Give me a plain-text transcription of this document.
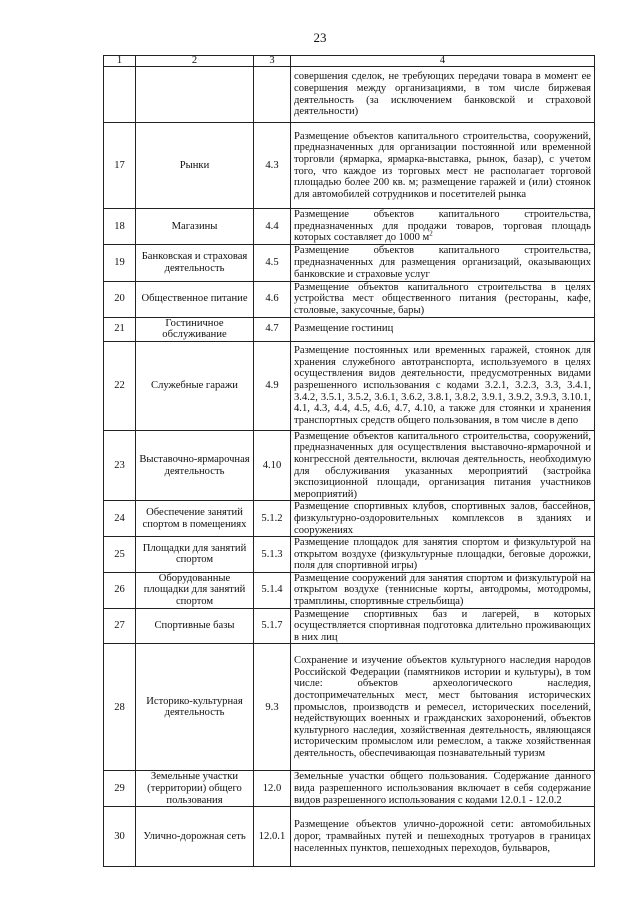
23
1	2	3	4
			совершения сделок, не требующих передачи товара в момент ее совершения между организациями, в том числе биржевая деятельность (за исключением банковской и страховой деятельности)
17	Рынки	4.3	Размещение объектов капитального строительства, сооружений, предназначенных для организации постоянной или временной торговли (ярмарка, ярмарка-выставка, рынок, базар), с учетом того, что каждое из торговых мест не располагает торговой площадью более 200 кв. м; размещение гаражей и (или) стоянок для автомобилей сотрудников и посетителей рынка
18	Магазины	4.4	Размещение объектов капитального строительства, предназначенных для продажи товаров, торговая площадь которых составляет до 1000 $м^2$
19	Банковская и страховая деятельность	4.5	Размещение объектов капитального строительства, предназначенных для размещения организаций, оказывающих банковские и страховые услуг
20	Общественное питание	4.6	Размещение объектов капитального строительства в целях устройства мест общественного питания (рестораны, кафе, столовые, закусочные, бары)
21	Гостиничное обслуживание	4.7	Размещение гостиниц
22	Служебные гаражи	4.9	Размещение постоянных или временных гаражей, стоянок для хранения служебного автотранспорта, используемого в целях осуществления видов деятельности, предусмотренных видами разрешенного использования с кодами 3.2.1, 3.2.3, 3.3, 3.4.1, 3.4.2, 3.5.1, 3.5.2, 3.6.1, 3.6.2, 3.8.1, 3.8.2, 3.9.1, 3.9.2, 3.9.3, 3.10.1, 4.1, 4.3, 4.4, 4.5, 4.6, 4.7, 4.10, а также для стоянки и хранения транспортных средств общего пользования, в том числе в депо
23	Выставочно-ярмарочная деятельность	4.10	Размещение объектов капитального строительства, сооружений, предназначенных для осуществления выставочно-ярмарочной и конгрессной деятельности, включая деятельность, необходимую для обслуживания указанных мероприятий (застройка экспозиционной площади, организация питания участников мероприятий)
24	Обеспечение занятий спортом в помещениях	5.1.2	Размещение спортивных клубов, спортивных залов, бассейнов, физкультурно-оздоровительных комплексов в зданиях и сооружениях
25	Площадки для занятий спортом	5.1.3	Размещение площадок для занятия спортом и физкультурой на открытом воздухе (физкультурные площадки, беговые дорожки, поля для спортивной игры)
26	Оборудованные площадки для занятий спортом	5.1.4	Размещение сооружений для занятия спортом и физкультурой на открытом воздухе (теннисные корты, автодромы, мотодромы, трамплины, спортивные стрельбища)
27	Спортивные базы	5.1.7	Размещение спортивных баз и лагерей, в которых осуществляется спортивная подготовка длительно проживающих в них лиц
28	Историко-культурная деятельность	9.3	Сохранение и изучение объектов культурного наследия народов Российской Федерации (памятников истории и культуры), в том числе: объектов археологического наследия, достопримечательных мест, мест бытования исторических промыслов, производств и ремесел, исторических поселений, недействующих военных и гражданских захоронений, объектов культурного наследия, хозяйственная деятельность, являющаяся историческим промыслом или ремеслом, а также хозяйственная деятельность, обеспечивающая познавательный туризм
29	Земельные участки (территории) общего пользования	12.0	Земельные участки общего пользования. Содержание данного вида разрешенного использования включает в себя содержание видов разрешенного использования с кодами 12.0.1 - 12.0.2
30	Улично-дорожная сеть	12.0.1	Размещение объектов улично-дорожной сети: автомобильных дорог, трамвайных путей и пешеходных тротуаров в границах населенных пунктов, пешеходных переходов, бульваров,
